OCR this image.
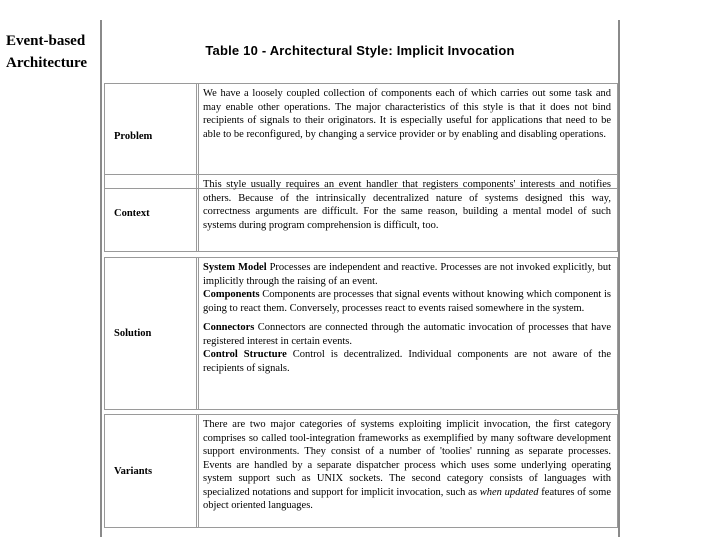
Event-based
Architecture
Table 10 - Architectural Style: Implicit Invocation
Problem
We have a loosely coupled collection of components each of which carries out some task and may enable other operations. The major characteristics of this style is that it does not bind recipients of signals to their originators. It is especially useful for applications that need to be able to be reconfigured, by changing a service provider or by enabling and disabling operations.
Context
This style usually requires an event handler that registers components' interests and notifies others. Because of the intrinsically decentralized nature of systems designed this way, correctness arguments are difficult. For the same reason, building a mental model of such systems during program comprehension is difficult, too.
Solution

System Model Processes are independent and reactive. Processes are not invoked explicitly, but implicitly through the raising of an event.

Components Components are processes that signal events without knowing which component is going to react them. Conversely, processes react to events raised somewhere in the system.

Connectors Connectors are connected through the automatic invocation of processes that have registered interest in certain events.

Control Structure Control is decentralized. Individual components are not aware of the recipients of signals.

Variants
There are two major categories of systems exploiting implicit invocation, the first category comprises so called tool-integration frameworks as exemplified by many software development support environments. They consist of a number of 'toolies' running as separate processes. Events are handled by a separate dispatcher process which uses some underlying operating system support such as UNIX sockets. The second category consists of languages with specialized notations and support for implicit invocation, such as when updated features of some object oriented languages.
